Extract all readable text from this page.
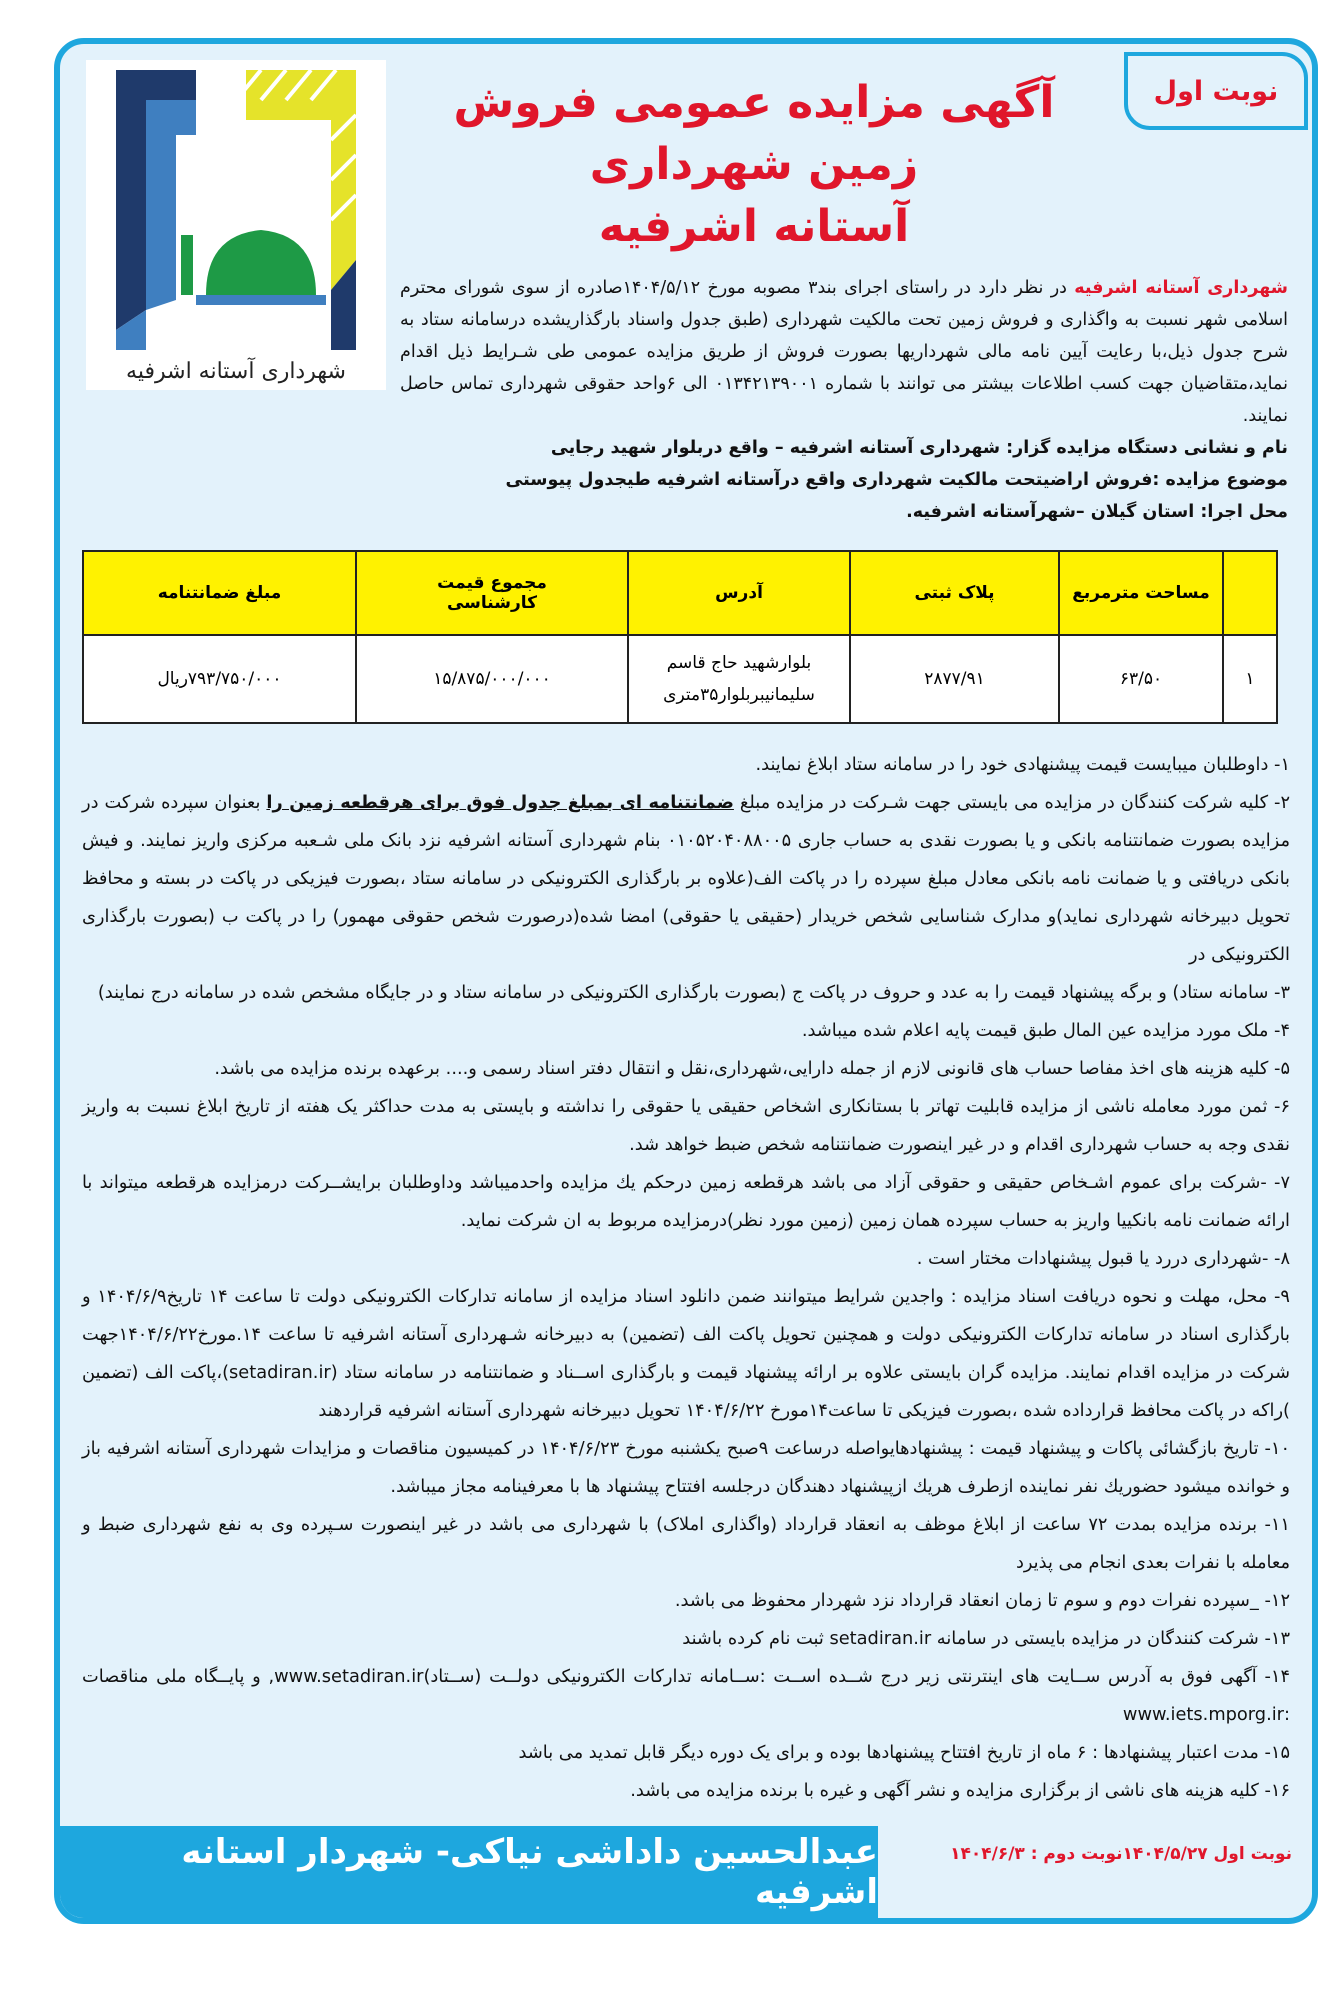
شهرداری آستانه اشرفیه
نوبت اول
آگهی مزایده عمومی فروش زمین شهرداری
آستانه اشرفیه
شهرداری آستانه اشرفیه در نظر دارد در راستای اجرای بند۳ مصوبه مورخ ۱۴۰۴/۵/۱۲صادره از سوی شورای محترم اسلامی شهر نسبت به واگذاری و فروش زمین تحت مالکیت شهرداری (طبق جدول واسناد بارگذاریشده درسامانه ستاد به شرح جدول ذیل،با رعایت آیین نامه مالی شهرداریها بصورت فروش از طریق مزایده عمومی طی شـرایط ذیل اقدام نماید،متقاضیان جهت کسب اطلاعات بیشتر می توانند با شماره ۰۱۳۴۲۱۳۹۰۰۱ الی ۶واحد حقوقی شهرداری تماس حاصل نمایند.
نام و نشانی دستگاه مزایده گزار: شهرداری آستانه اشرفیه – واقع دربلوار شهید رجایی
موضوع مزایده :فروش اراضیتحت مالکیت شهرداری واقع درآستانه اشرفیه طیجدول پیوستی
محل اجرا: استان گیلان –شهرآستانه اشرفیه.
	مساحت مترمربع	پلاک ثبتی	آدرس	مجموع قیمت کارشناسی	مبلغ ضمانتنامه
۱	۶۳/۵۰	۲۸۷۷/۹۱	بلوارشهید حاج قاسم سلیمانیبربلوار۳۵متری	۱۵/۸۷۵/۰۰۰/۰۰۰	۷۹۳/۷۵۰/۰۰۰ریال

۱- داوطلبان میبایست قیمت پیشنهادی خود را در سامانه ستاد ابلاغ نمایند.

۲- کلیه شرکت کنندگان در مزایده می بایستی جهت شـرکت در مزایده مبلغ ضمانتنامه ای بمبلغ جدول فوق برای هرقطعه زمین را بعنوان سپرده شرکت در مزایده بصورت ضمانتنامه بانکی و یا بصورت نقدی به حساب جاری ۰۱۰۵۲۰۴۰۸۸۰۰۵ بنام شهرداری آستانه اشرفیه نزد بانک ملی شـعبه مرکزی واریز نمایند. و فیش بانکی دریافتی و یا ضمانت نامه بانکی معادل مبلغ سپرده را در پاکت الف(علاوه بر بارگذاری الکترونیکی در سامانه ستاد ،بصورت فیزیکی در پاکت در بسته و محافظ تحویل دبیرخانه شهرداری نماید)و مدارک شناسایی شخص خریدار (حقیقی یا حقوقی) امضا شده(درصورت شخص حقوقی مهمور) را در پاکت ب (بصورت بارگذاری الکترونیکی در

۳- سامانه ستاد) و برگه پیشنهاد قیمت را به عدد و حروف در پاکت ج (بصورت بارگذاری الکترونیکی در سامانه ستاد و در جایگاه مشخص شده در سامانه درج نمایند)

۴- ملک مورد مزایده عین المال طبق قیمت پایه اعلام شده میباشد.

۵- کلیه هزینه های اخذ مفاصا حساب های قانونی لازم از جمله دارایی،شهرداری،نقل و انتقال دفتر اسناد رسمی و.... برعهده برنده مزایده می باشد.

۶- ثمن مورد معامله ناشی از مزایده قابلیت تهاتر با بستانکاری اشخاص حقیقی یا حقوقی را نداشته و بایستی به مدت حداکثر یک هفته از تاریخ ابلاغ نسبت به واریز نقدی وجه به حساب شهرداری اقدام و در غیر اینصورت ضمانتنامه شخص ضبط خواهد شد.

۷- -شرکت برای عموم اشـخاص حقیقی و حقوقی آزاد می باشد هرقطعه زمین درحکم یك مزایده واحدمیباشد وداوطلبان برایشــرکت درمزایده هرقطعه میتواند با ارائه ضمانت نامه بانکییا واریز به حساب سپرده همان زمین (زمین مورد نظر)درمزایده مربوط به ان شرکت نماید.

۸- -شهرداری دررد یا قبول پیشنهادات مختار است .

۹- محل، مهلت و نحوه دریافت اسناد مزایده : واجدین شرایط میتوانند ضمن دانلود اسناد مزایده از سامانه تدارکات الکترونیکی دولت تا ساعت ۱۴ تاریخ۱۴۰۴/۶/۹ و بارگذاری اسناد در سامانه تدارکات الکترونیکی دولت و همچنین تحویل پاکت الف (تضمین) به دبیرخانه شـهرداری آستانه اشرفیه تا ساعت ۱۴.مورخ۱۴۰۴/۶/۲۲جهت شرکت در مزایده اقدام نمایند. مزایده گران بایستی علاوه بر ارائه پیشنهاد قیمت و بارگذاری اســناد و ضمانتنامه در سامانه ستاد (setadiran.ir)،پاکت الف (تضمین )راکه در پاکت محافظ قرارداده شده ،بصورت فیزیکی تا ساعت۱۴مورخ ۱۴۰۴/۶/۲۲ تحویل دبیرخانه شهرداری آستانه اشرفیه قراردهند

۱۰- تاریخ بازگشائی پاکات و پیشنهاد قیمت : پیشنهادهایواصله درساعت ۹صبح یکشنبه مورخ ۱۴۰۴/۶/۲۳ در کمیسیون مناقصات و مزایدات شهرداری آستانه اشرفیه باز و خوانده میشود حضوریك نفر نماینده ازطرف هریك ازپیشنهاد دهندگان درجلسه افتتاح پیشنهاد ها با معرفینامه مجاز میباشد.

۱۱- برنده مزایده بمدت ۷۲ ساعت از ابلاغ موظف به انعقاد قرارداد (واگذاری املاک) با شهرداری می باشد در غیر اینصورت سـپرده وی به نفع شهرداری ضبط و معامله با نفرات بعدی انجام می پذیرد

۱۲- _سپرده نفرات دوم و سوم تا زمان انعقاد قرارداد نزد شهردار محفوظ می باشد.

۱۳- شرکت کنندگان در مزایده بایستی در سامانه setadiran.ir ثبت نام کرده باشند

۱۴- آگهی فوق به آدرس ســایت های اینترنتی زیر درج شــده اســت :ســامانه تدارکات الکترونیکی دولــت (ســتاد)www.setadiran.ir, و پایــگاه ملی مناقصات :www.iets.mporg.ir

۱۵- مدت اعتبار پیشنهادها : ۶ ماه از تاریخ افتتاح پیشنهادها بوده و برای یک دوره دیگر قابل تمدید می باشد

۱۶- کلیه هزینه های ناشی از برگزاری مزایده و نشر آگهی و غیره با برنده مزایده می باشد.

نوبت اول ۱۴۰۴/۵/۲۷نوبت دوم : ۱۴۰۴/۶/۳
عبدالحسین داداشی نیاکی- شهردار استانه اشرفیه
